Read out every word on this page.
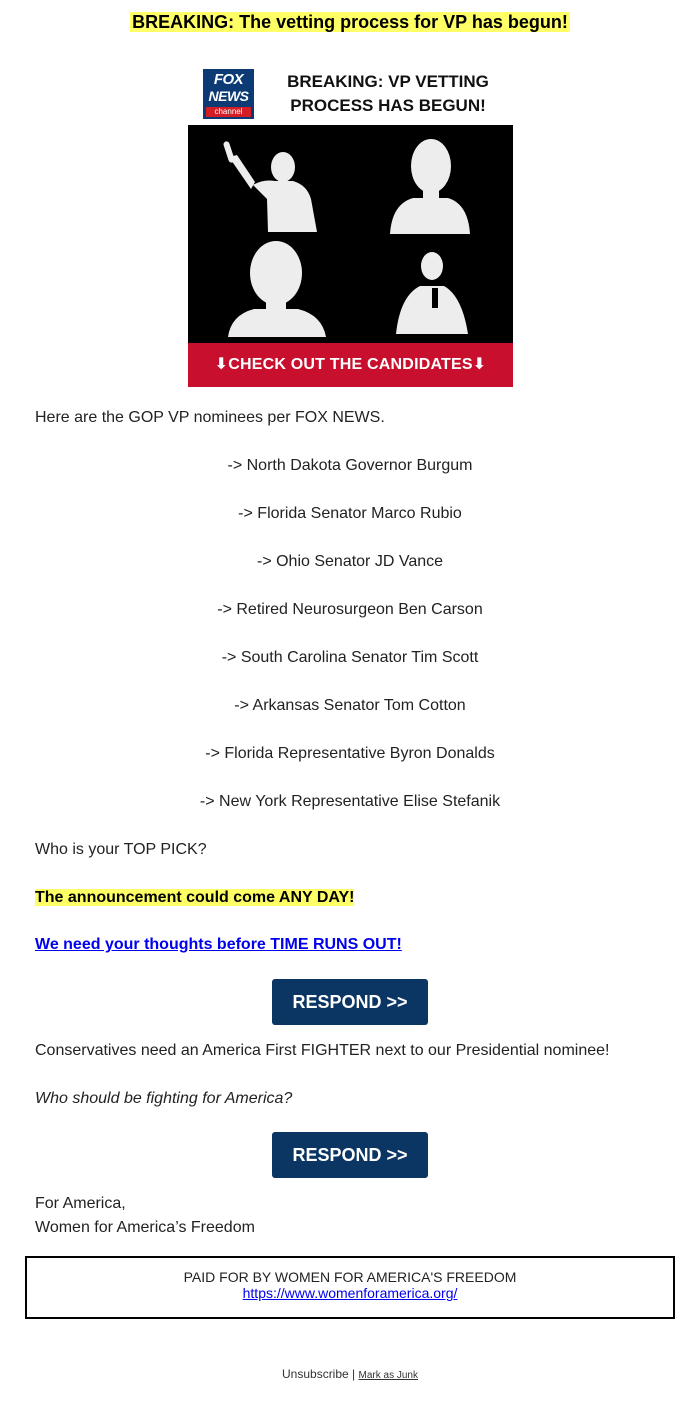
BREAKING: The vetting process for VP has begun!
FOX
NEWS
channel
BREAKING: VP VETTING
PROCESS HAS BEGUN!
⬇CHECK OUT THE CANDIDATES⬇

Here are the GOP VP nominees per FOX NEWS.

-> North Dakota Governor Burgum

-> Florida Senator Marco Rubio

-> Ohio Senator JD Vance

-> Retired Neurosurgeon Ben Carson

-> South Carolina Senator Tim Scott

-> Arkansas Senator Tom Cotton

-> Florida Representative Byron Donalds

-> New York Representative Elise Stefanik

Who is your TOP PICK?

The announcement could come ANY DAY!

We need your thoughts before TIME RUNS OUT!
RESPOND >>

Conservatives need an America First FIGHTER next to our Presidential nominee!

Who should be fighting for America?

RESPOND >>

For America,

Women for America’s Freedom

PAID FOR BY WOMEN FOR AMERICA'S FREEDOM
https://www.womenforamerica.org/
Unsubscribe | Mark as Junk
